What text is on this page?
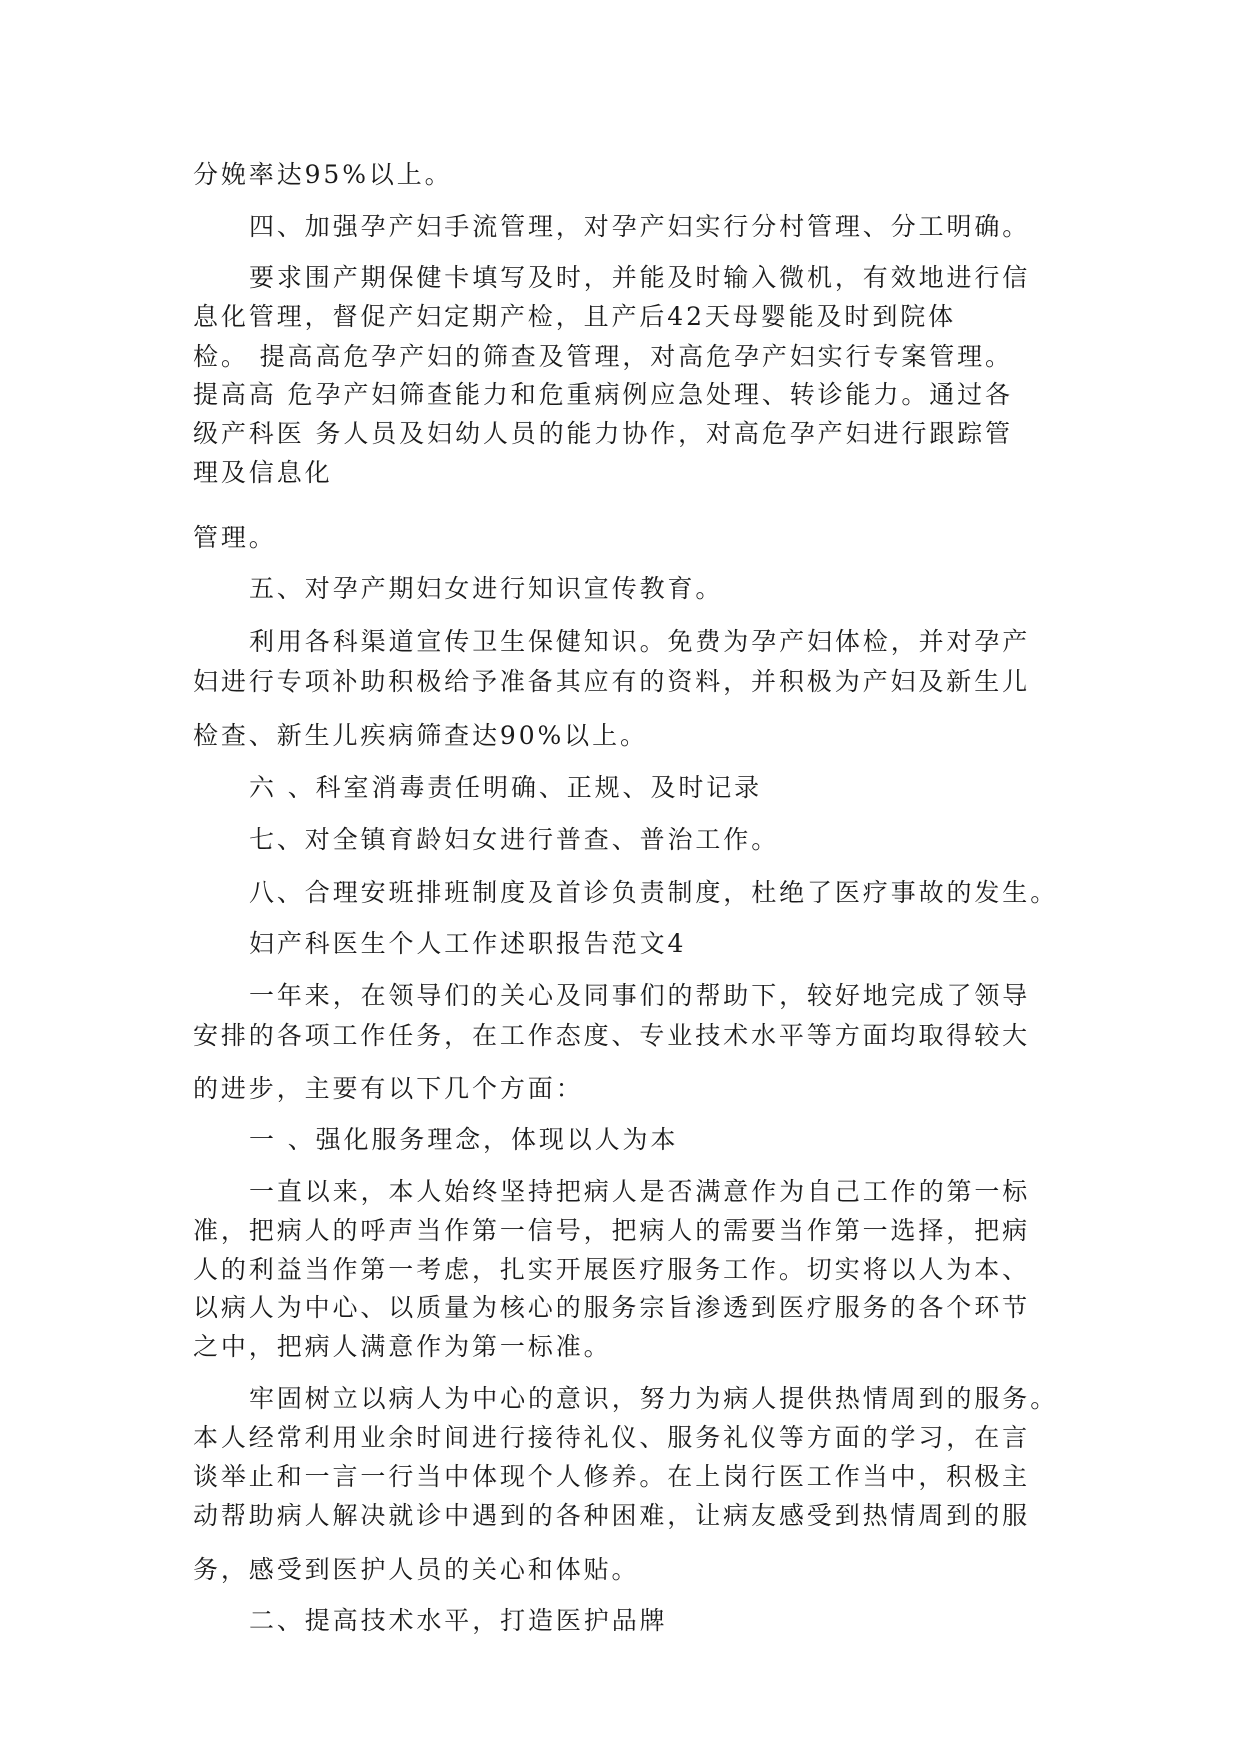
分娩率达95%以上。
四、加强孕产妇手流管理，对孕产妇实行分村管理、分工明确。
要求围产期保健卡填写及时，并能及时输入微机，有效地进行信
息化管理，督促产妇定期产检，且产后42天母婴能及时到院体
检。 提高高危孕产妇的筛查及管理，对高危孕产妇实行专案管理。
提高高 危孕产妇筛查能力和危重病例应急处理、转诊能力。通过各
级产科医 务人员及妇幼人员的能力协作，对高危孕产妇进行跟踪管
理及信息化
管理。
五、对孕产期妇女进行知识宣传教育。
利用各科渠道宣传卫生保健知识。免费为孕产妇体检，并对孕产
妇进行专项补助积极给予准备其应有的资料，并积极为产妇及新生儿
检查、新生儿疾病筛查达90%以上。
六 、科室消毒责任明确、正规、及时记录
七、对全镇育龄妇女进行普查、普治工作。
八、合理安班排班制度及首诊负责制度，杜绝了医疗事故的发生。
妇产科医生个人工作述职报告范文4
一年来，在领导们的关心及同事们的帮助下，较好地完成了领导
安排的各项工作任务，在工作态度、专业技术水平等方面均取得较大
的进步，主要有以下几个方面：
一 、强化服务理念，体现以人为本
一直以来，本人始终坚持把病人是否满意作为自己工作的第一标
准，把病人的呼声当作第一信号，把病人的需要当作第一选择，把病
人的利益当作第一考虑，扎实开展医疗服务工作。切实将以人为本、
以病人为中心、以质量为核心的服务宗旨渗透到医疗服务的各个环节
之中，把病人满意作为第一标准。
牢固树立以病人为中心的意识，努力为病人提供热情周到的服务。
本人经常利用业余时间进行接待礼仪、服务礼仪等方面的学习，在言
谈举止和一言一行当中体现个人修养。在上岗行医工作当中，积极主
动帮助病人解决就诊中遇到的各种困难，让病友感受到热情周到的服
务，感受到医护人员的关心和体贴。
二、提高技术水平，打造医护品牌
